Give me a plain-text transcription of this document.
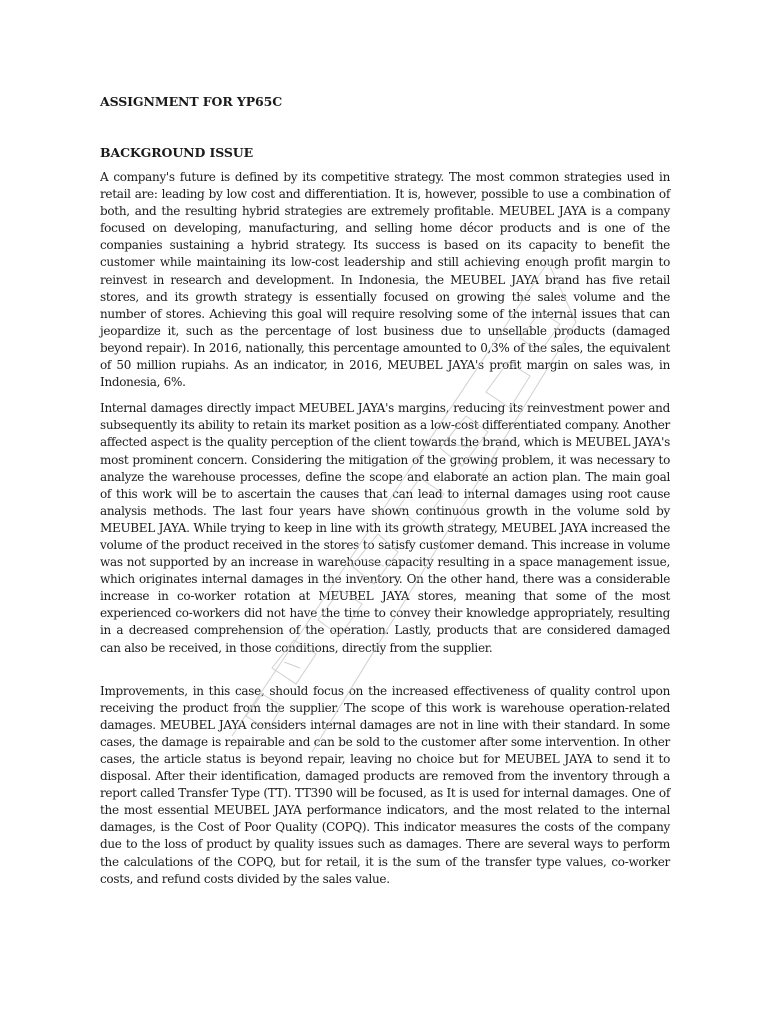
ASSIGNMENT FOR YP65C

BACKGROUND ISSUE

A company's future is defined by its competitive strategy. The most common strategies used in retail are: leading by low cost and differentiation. It is, however, possible to use a combination of both, and the resulting hybrid strategies are extremely profitable. MEUBEL JAYA is a company focused on developing, manufacturing, and selling home décor products and is one of the companies sustaining a hybrid strategy. Its success is based on its capacity to benefit the customer while maintaining its low-cost leadership and still achieving enough profit margin to reinvest in research and development. In Indonesia, the MEUBEL JAYA brand has five retail stores, and its growth strategy is essentially focused on growing the sales volume and the number of stores. Achieving this goal will require resolving some of the internal issues that can jeopardize it, such as the percentage of lost business due to unsellable products (damaged beyond repair). In 2016, nationally, this percentage amounted to 0,3% of the sales, the equivalent of 50 million rupiahs. As an indicator, in 2016, MEUBEL JAYA's profit margin on sales was, in Indonesia, 6%.

Internal damages directly impact MEUBEL JAYA's margins, reducing its reinvestment power and subsequently its ability to retain its market position as a low-cost differentiated company. Another affected aspect is the quality perception of the client towards the brand, which is MEUBEL JAYA's most prominent concern. Considering the mitigation of the growing problem, it was necessary to analyze the warehouse processes, define the scope and elaborate an action plan. The main goal of this work will be to ascertain the causes that can lead to internal damages using root cause analysis methods. The last four years have shown continuous growth in the volume sold by MEUBEL JAYA. While trying to keep in line with its growth strategy, MEUBEL JAYA increased the volume of the product received in the stores to satisfy customer demand. This increase in volume was not supported by an increase in warehouse capacity resulting in a space management issue, which originates internal damages in the inventory. On the other hand, there was a considerable increase in co-worker rotation at MEUBEL JAYA stores, meaning that some of the most experienced co-workers did not have the time to convey their knowledge appropriately, resulting in a decreased comprehension of the operation. Lastly, products that are considered damaged can also be received, in those conditions, directly from the supplier.

Improvements, in this case, should focus on the increased effectiveness of quality control upon receiving the product from the supplier. The scope of this work is warehouse operation-related damages. MEUBEL JAYA considers internal damages are not in line with their standard. In some cases, the damage is repairable and can be sold to the customer after some intervention. In other cases, the article status is beyond repair, leaving no choice but for MEUBEL JAYA to send it to disposal. After their identification, damaged products are removed from the inventory through a report called Transfer Type (TT). TT390 will be focused, as It is used for internal damages. One of the most essential MEUBEL JAYA performance indicators, and the most related to the internal damages, is the Cost of Poor Quality (COPQ). This indicator measures the costs of the company due to the loss of product by quality issues such as damages. There are several ways to perform the calculations of the COPQ, but for retail, it is the sum of the transfer type values, co-worker costs, and refund costs divided by the sales value.
